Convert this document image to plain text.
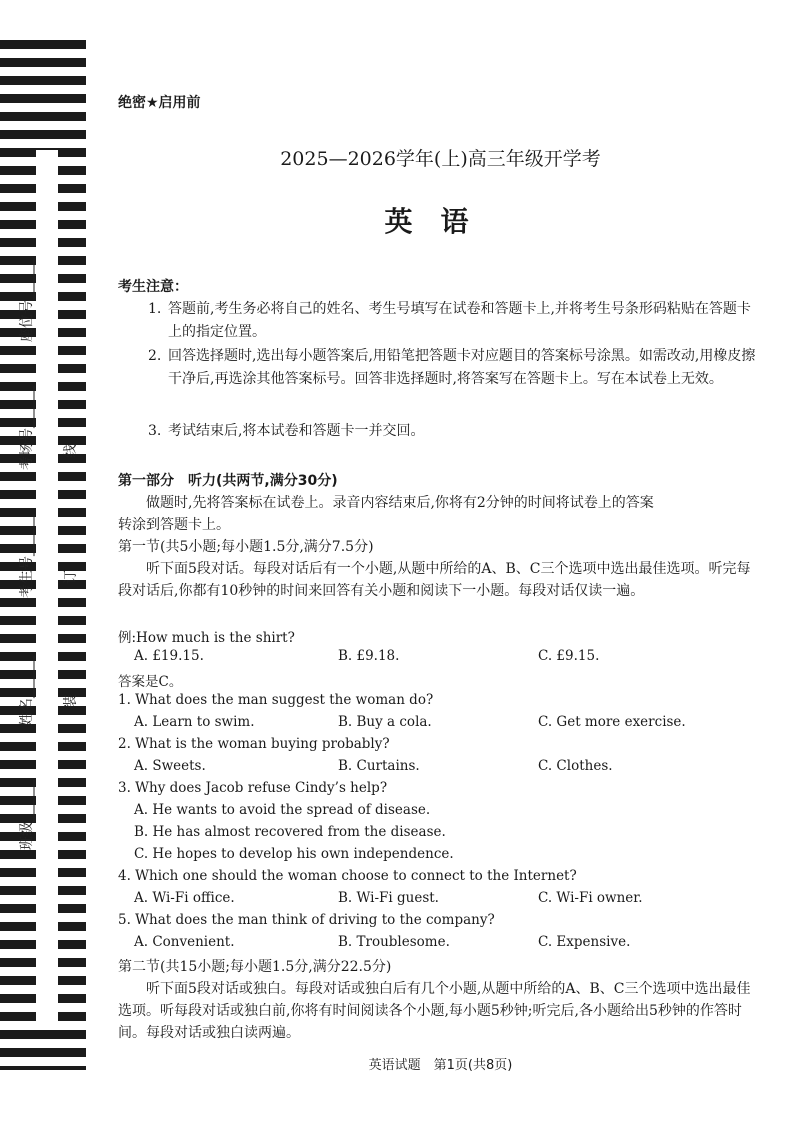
座位号______
考场号______
考生号______
姓名______
班级______
线
订
装
绝密★启用前
2025—2026学年(上)高三年级开学考
英语
考生注意：
1. 答题前,考生务必将自己的姓名、考生号填写在试卷和答题卡上,并将考生号条形码粘贴在答题卡上的指定位置。
2. 回答选择题时,选出每小题答案后,用铅笔把答题卡对应题目的答案标号涂黑。如需改动,用橡皮擦干净后,再选涂其他答案标号。回答非选择题时,将答案写在答题卡上。写在本试卷上无效。
3. 考试结束后,将本试卷和答题卡一并交回。
第一部分　听力(共两节,满分30分)
做题时,先将答案标在试卷上。录音内容结束后,你将有2分钟的时间将试卷上的答案
转涂到答题卡上。
第一节(共5小题;每小题1.5分,满分7.5分)
听下面5段对话。每段对话后有一个小题,从题中所给的A、B、C三个选项中选出最佳选项。听完每段对话后,你都有10秒钟的时间来回答有关小题和阅读下一小题。每段对话仅读一遍。
例:How much is the shirt?
A. £19.15.	B. £9.18.	C. £9.15.
答案是C。
1. What does the man suggest the woman do?
A. Learn to swim.	B. Buy a cola.	C. Get more exercise.
2. What is the woman buying probably?
A. Sweets.	B. Curtains.	C. Clothes.
3. Why does Jacob refuse Cindy’s help?
A. He wants to avoid the spread of disease.
B. He has almost recovered from the disease.
C. He hopes to develop his own independence.
4. Which one should the woman choose to connect to the Internet?
A. Wi-Fi office.	B. Wi-Fi guest.	C. Wi-Fi owner.
5. What does the man think of driving to the company?
A. Convenient.	B. Troublesome.	C. Expensive.
第二节(共15小题;每小题1.5分,满分22.5分)
听下面5段对话或独白。每段对话或独白后有几个小题,从题中所给的A、B、C三个选项中选出最佳选项。听每段对话或独白前,你将有时间阅读各个小题,每小题5秒钟;听完后,各小题给出5秒钟的作答时间。每段对话或独白读两遍。
英语试题　第1页(共8页)
